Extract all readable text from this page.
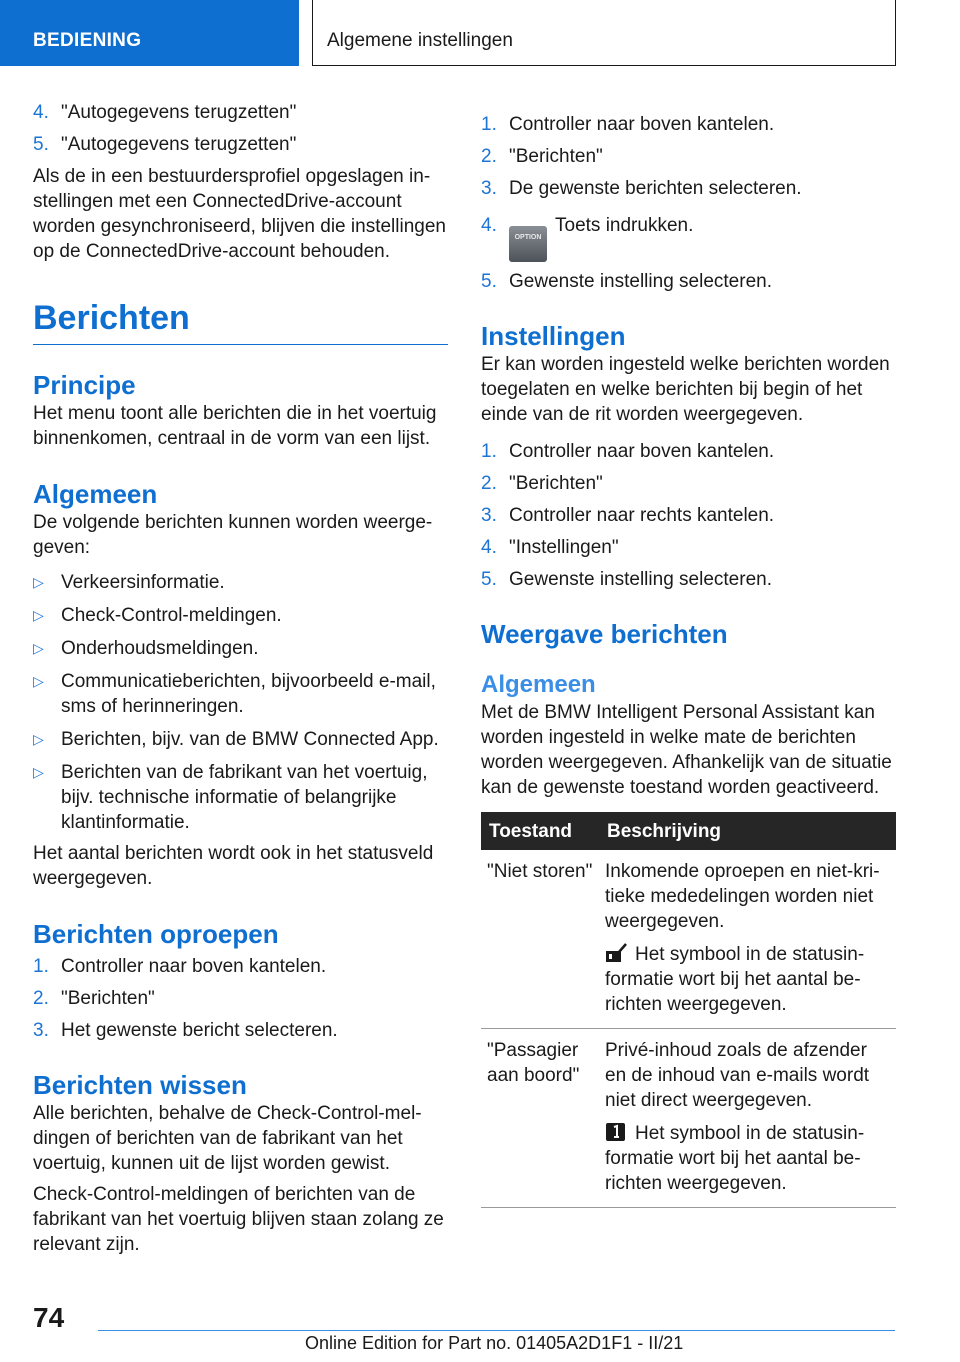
BEDIENING	Algemene instellingen
4. "Autogegevens terugzetten"
5. "Autogegevens terugzetten"

Als de in een bestuurdersprofiel opgeslagen in-stellingen met een ConnectedDrive-account worden gesynchroniseerd, blijven die instellingen op de ConnectedDrive-account behouden.

Berichten
Principe

Het menu toont alle berichten die in het voertuig binnenkomen, centraal in de vorm van een lijst.

Algemeen

De volgende berichten kunnen worden weerge-geven:

▷ Verkeersinformatie.
▷ Check-Control-meldingen.
▷ Onderhoudsmeldingen.
▷ Communicatieberichten, bijvoorbeeld e-mail, sms of herinneringen.
▷ Berichten, bijv. van de BMW Connected App.
▷ Berichten van de fabrikant van het voertuig, bijv. technische informatie of belangrijke klantinformatie.

Het aantal berichten wordt ook in het statusveld weergegeven.

Berichten oproepen
1. Controller naar boven kantelen.
2. "Berichten"
3. Het gewenste bericht selecteren.
Berichten wissen

Alle berichten, behalve de Check-Control-mel-dingen of berichten van de fabrikant van het voertuig, kunnen uit de lijst worden gewist.

Check-Control-meldingen of berichten van de fabrikant van het voertuig blijven staan zolang ze relevant zijn.

1. Controller naar boven kantelen.
2. "Berichten"
3. De gewenste berichten selecteren.
4.
OPTIONToets indrukken.
5. Gewenste instelling selecteren.
Instellingen

Er kan worden ingesteld welke berichten worden toegelaten en welke berichten bij begin of het einde van de rit worden weergegeven.

1. Controller naar boven kantelen.
2. "Berichten"
3. Controller naar rechts kantelen.
4. "Instellingen"
5. Gewenste instelling selecteren.
Weergave berichten
Algemeen

Met de BMW Intelligent Personal Assistant kan worden ingesteld in welke mate de berichten worden weergegeven. Afhankelijk van de situatie kan de gewenste toestand worden geactiveerd.

Toestand	Beschrijving
"Niet storen"	Inkomende oproepen en niet-kri-tieke mededelingen worden niet weergegeven.
Het symbool in de statusin-formatie wort bij het aantal be-richten weergegeven.

"Passagier aan boord"	Privé-inhoud zoals de afzender en de inhoud van e-mails wordt niet direct weergegeven.
Het symbool in de statusin-formatie wort bij het aantal be-richten weergegeven.
74
Online Edition for Part no. 01405A2D1F1 - II/21
